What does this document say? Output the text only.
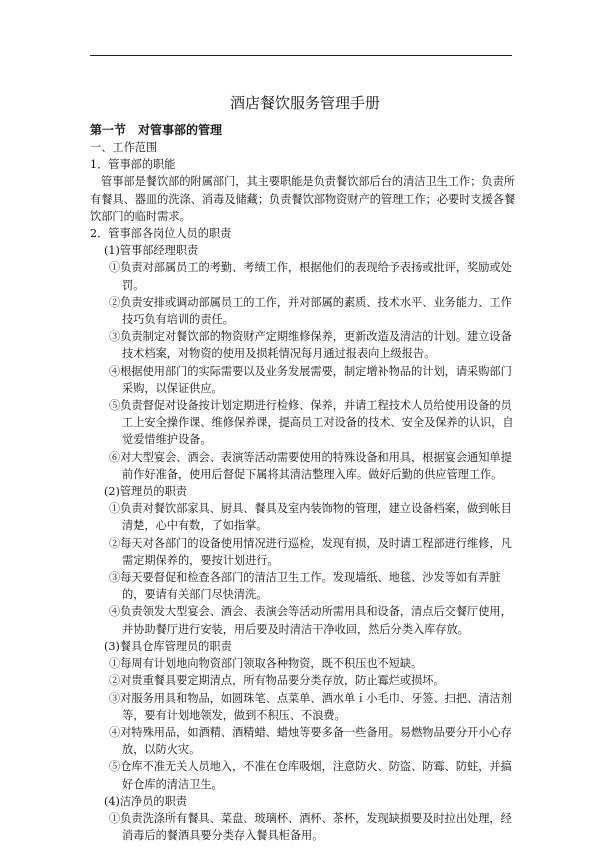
酒店餐饮服务管理手册

第一节　对管事部的管理

一、工作范围

1．管事部的职能

管事部是餐饮部的附属部门，其主要职能是负责餐饮部后台的清洁卫生工作；负责所有餐具、器皿的洗涤、消毒及储藏；负责餐饮部物资财产的管理工作；必要时支援各餐饮部门的临时需求。

2．管事部各岗位人员的职责

(1)管事部经理职责

①负责对部属员工的考勤、考绩工作，根据他们的表现给予表扬或批评，奖励或处罚。

②负责安排或调动部属员工的工作，并对部属的素质、技术水平、业务能力、工作技巧负有培训的责任。

③负责制定对餐饮部的物资财产定期维修保养，更新改造及清洁的计划。建立设备技术档案，对物资的使用及损耗情况每月通过报表向上级报告。

④根据使用部门的实际需要以及业务发展需要，制定增补物品的计划，请采购部门采购，以保证供应。

⑤负责督促对设备按计划定期进行检修、保养，并请工程技术人员给使用设备的员工上安全操作课、维修保养课，提高员工对设备的技术、安全及保养的认识，自觉爱惜维护设备。

⑥对大型宴会、酒会、表演等活动需要使用的特殊设备和用具，根据宴会通知单提前作好准备，使用后督促下属将其清洁整理入库。做好后勤的供应管理工作。

(2)管理员的职责

①负责对餐饮部家具、厨具、餐具及室内装饰物的管理，建立设备档案，做到帐目清楚，心中有数，了如指掌。

②每天对各部门的设备使用情况进行巡检，发现有损，及时请工程部进行维修，凡需定期保养的，要按计划进行。

③每天要督促和检查各部门的清洁卫生工作。发现墙纸、地毯、沙发等如有弄脏的，要请有关部门尽快清洗。

④负责领发大型宴会、酒会、表演会等活动所需用具和设备，清点后交餐厅使用，并协助餐厅进行安装，用后要及时清洁干净收回，然后分类入库存放。

(3)餐具仓库管理员的职责

①每周有计划地向物资部门领取各种物资，既不积压也不短缺。

②对贵重餐具要定期清点，所有物品要分类存放，防止霉烂或损坏。

③对服务用具和物品，如圆珠笔、点菜单、酒水单ｉ小毛巾、牙签、扫把、清洁剂等，要有计划地领发，做到不积压、不浪费。

④对特殊用品，如酒精、酒精蜡、蜡烛等要多备一些备用。易燃物品要分开小心存放，以防火灾。

⑤仓库不准无关人员地入，不准在仓库吸烟，注意防火、防盗、防霉、防蛀，并搞好仓库的清洁卫生。

(4)洁净员的职责

①负责洗涤所有餐具、菜盘、玻璃杯、酒杯、茶杯，发现缺损要及时拉出处理，经消毒后的餐酒具要分类存入餐具柜备用。
